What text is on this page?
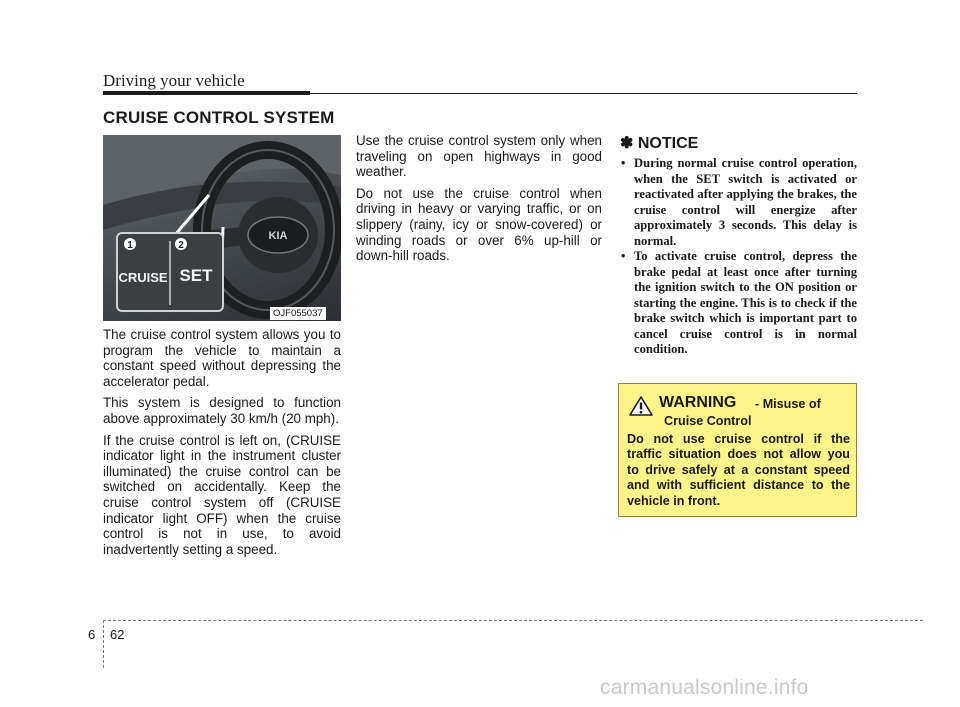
Driving your vehicle
CRUISE CONTROL SYSTEM
KIA
1	2
CRUISE SET
OJF055037

The cruise control system allows you to program the vehicle to maintain a constant speed without depressing the accelerator pedal.

This system is designed to function above approximately 30 km/h (20 mph).

If the cruise control is left on, (CRUISE indicator light in the instrument cluster illuminated) the cruise control can be switched on accidentally. Keep the cruise control system off (CRUISE indicator light OFF) when the cruise control is not in use, to avoid inadvertently setting a speed.

Use the cruise control system only when traveling on open highways in good weather.

Do not use the cruise control when driving in heavy or varying traffic, or on slippery (rainy, icy or snow-covered) or winding roads or over 6% up-hill or down-hill roads.

✽ NOTICE
• During normal cruise control operation, when the SET switch is activated or reactivated after applying the brakes, the cruise control will energize after approximately 3 seconds. This delay is normal.
• To activate cruise control, depress the brake pedal at least once after turning the ignition switch to the ON position or starting the engine. This is to check if the brake switch which is important part to cancel cruise control is in normal condition.
WARNING - Misuse of
Cruise Control
Do not use cruise control if the traffic situation does not allow you to drive safely at a constant speed and with sufficient distance to the vehicle in front.
6 62
carmanualsonline.info
